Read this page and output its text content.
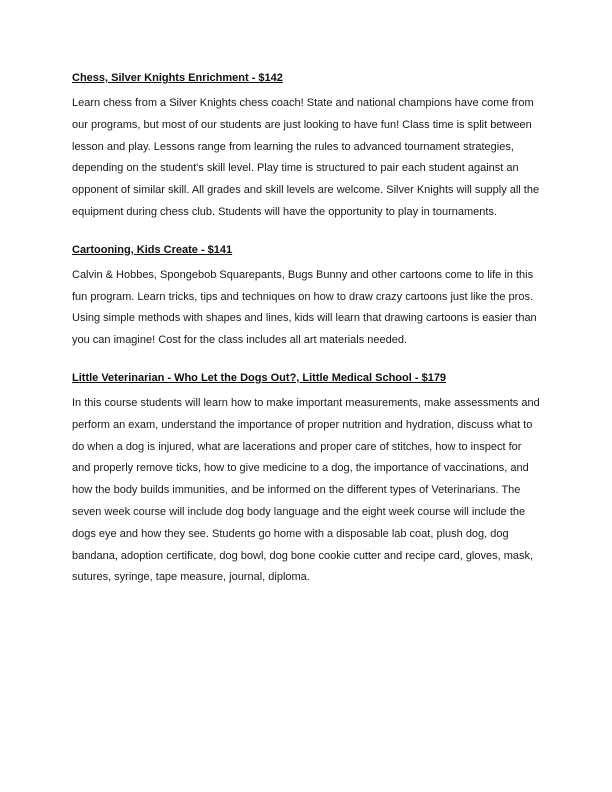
Chess, Silver Knights Enrichment - $142

Learn chess from a Silver Knights chess coach! State and national champions have come from our programs, but most of our students are just looking to have fun! Class time is split between lesson and play. Lessons range from learning the rules to advanced tournament strategies, depending on the student's skill level. Play time is structured to pair each student against an opponent of similar skill. All grades and skill levels are welcome. Silver Knights will supply all the equipment during chess club. Students will have the opportunity to play in tournaments.

Cartooning, Kids Create - $141

Calvin & Hobbes, Spongebob Squarepants, Bugs Bunny and other cartoons come to life in this fun program. Learn tricks, tips and techniques on how to draw crazy cartoons just like the pros. Using simple methods with shapes and lines, kids will learn that drawing cartoons is easier than you can imagine! Cost for the class includes all art materials needed.

Little Veterinarian - Who Let the Dogs Out?, Little Medical School - $179

In this course students will learn how to make important measurements, make assessments and perform an exam, understand the importance of proper nutrition and hydration, discuss what to do when a dog is injured, what are lacerations and proper care of stitches, how to inspect for and properly remove ticks, how to give medicine to a dog, the importance of vaccinations, and how the body builds immunities, and be informed on the different types of Veterinarians. The seven week course will include dog body language and the eight week course will include the dogs eye and how they see. Students go home with a disposable lab coat, plush dog, dog bandana, adoption certificate, dog bowl, dog bone cookie cutter and recipe card, gloves, mask, sutures, syringe, tape measure, journal, diploma.
